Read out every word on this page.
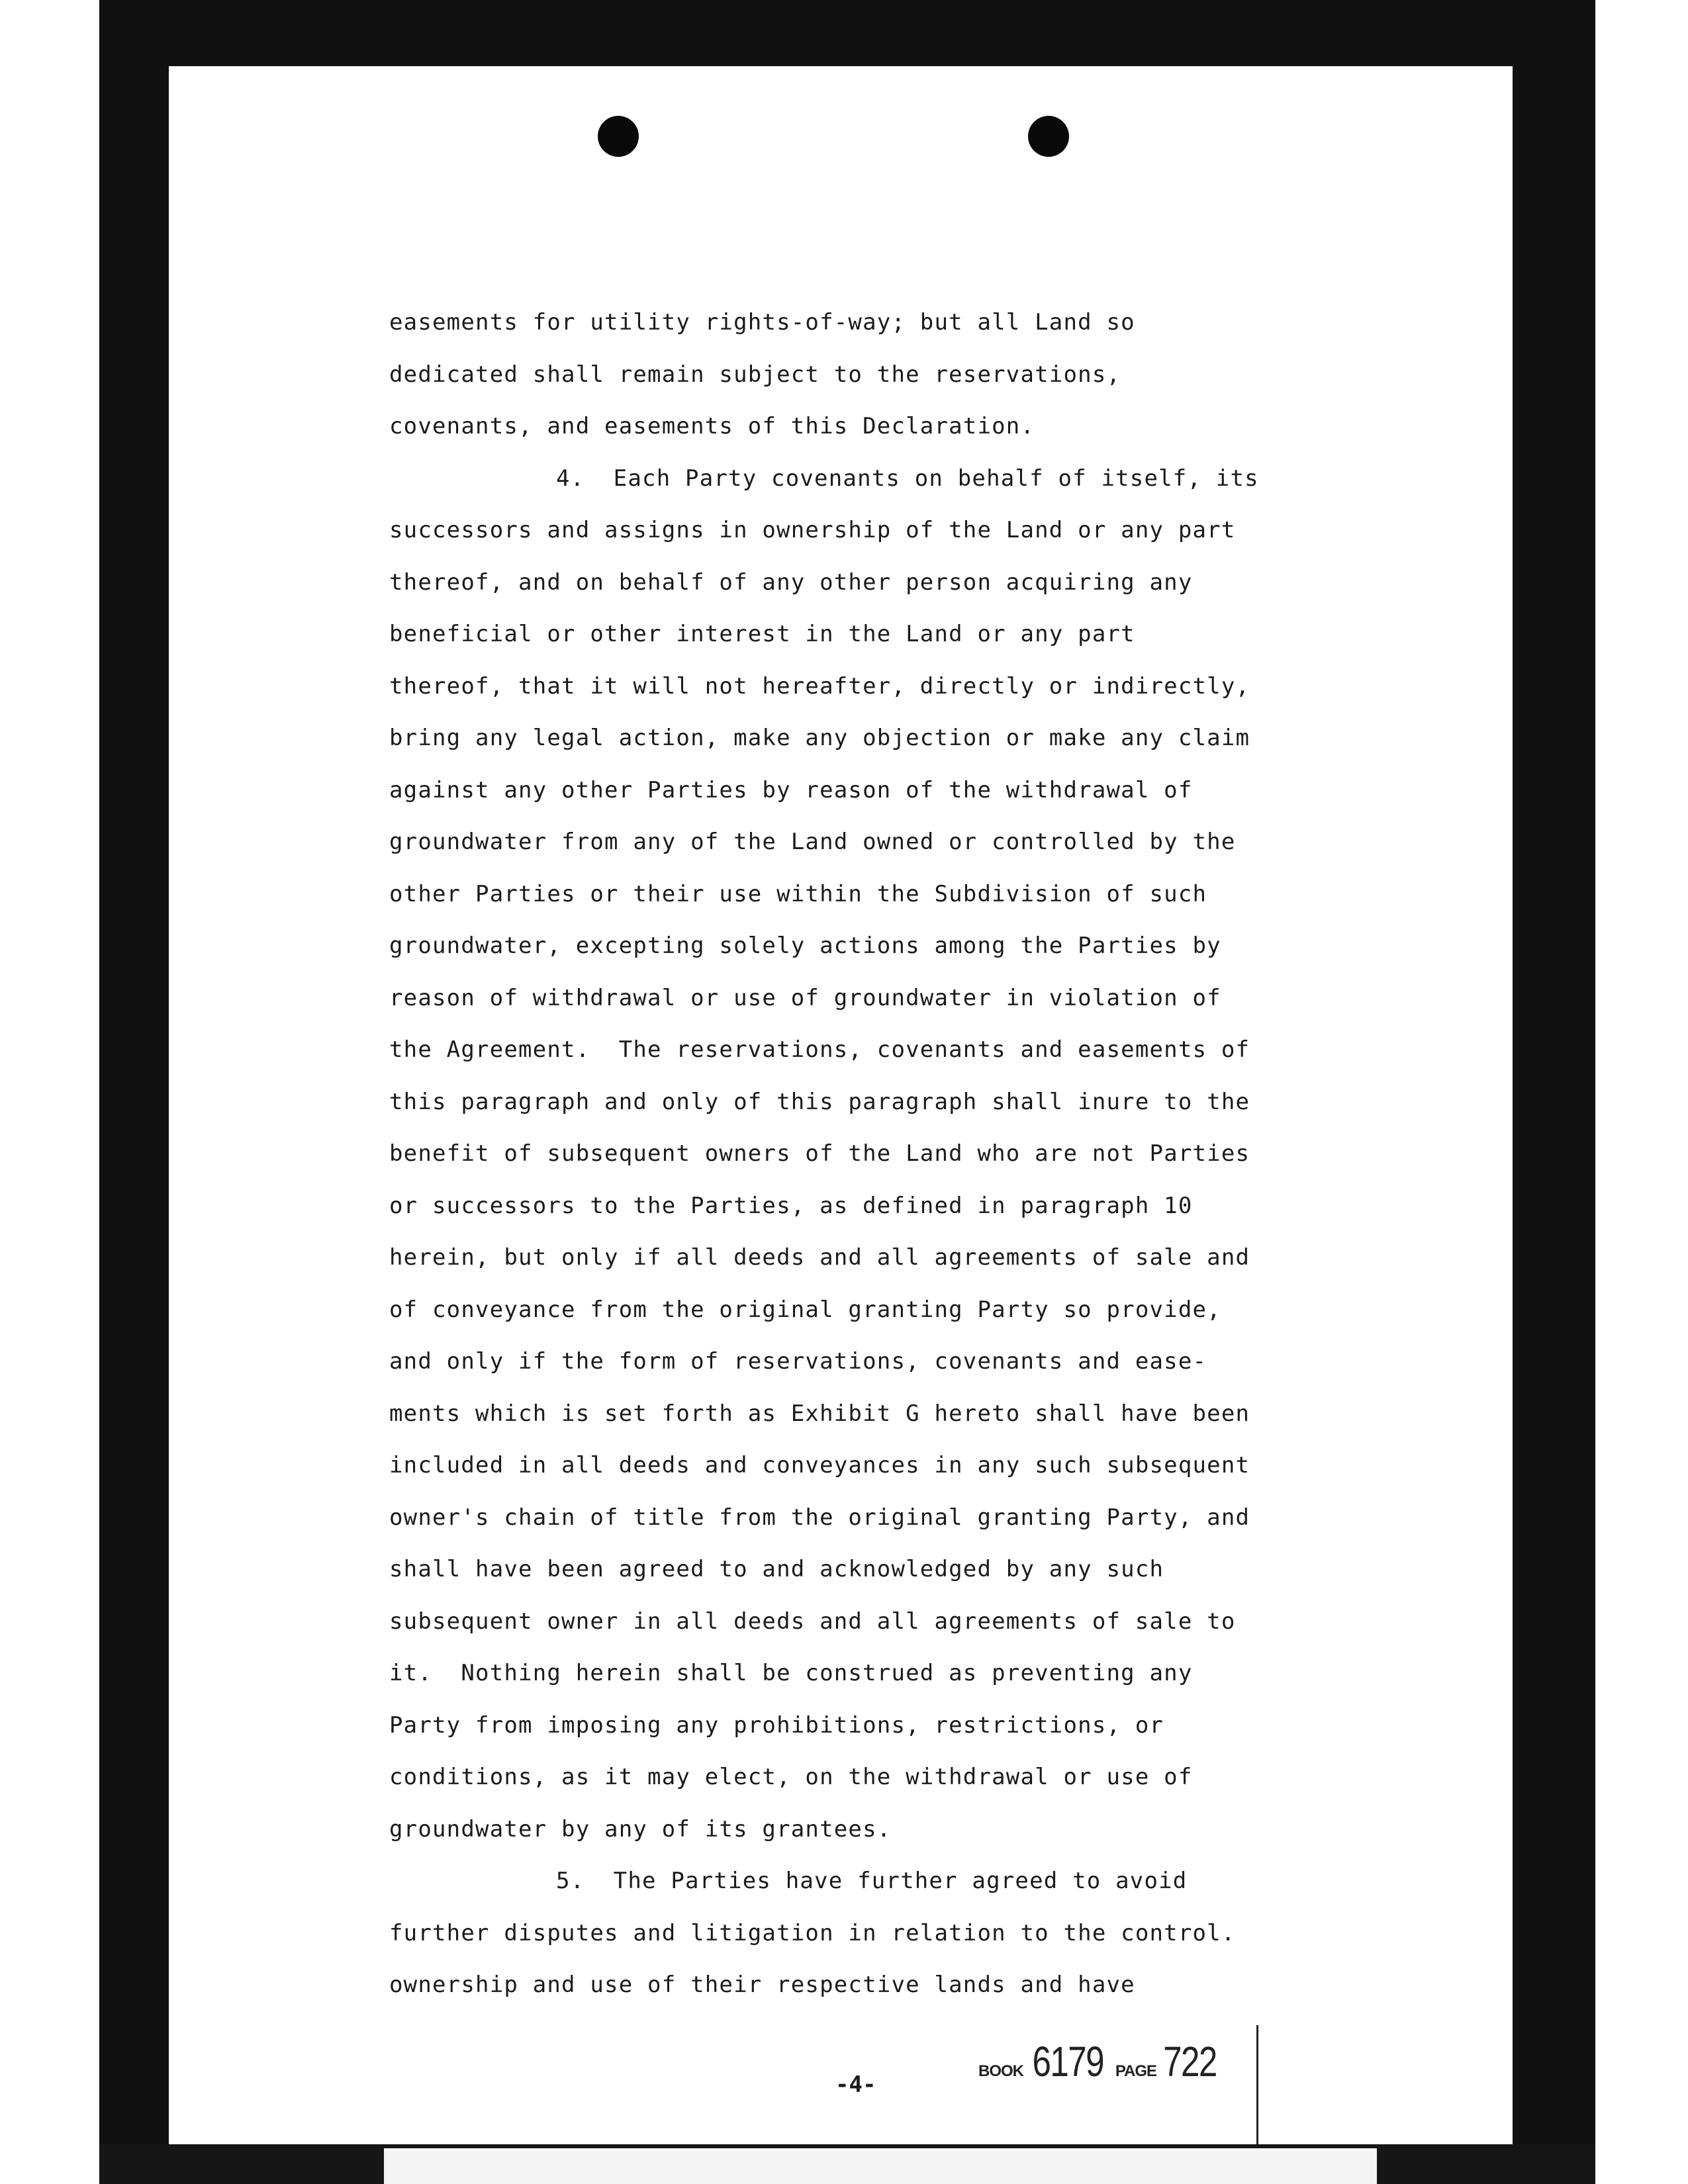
easements for utility rights-of-way; but all Land so
dedicated shall remain subject to the reservations,
covenants, and easements of this Declaration.
4.  Each Party covenants on behalf of itself, its
successors and assigns in ownership of the Land or any part
thereof, and on behalf of any other person acquiring any
beneficial or other interest in the Land or any part
thereof, that it will not hereafter, directly or indirectly,
bring any legal action, make any objection or make any claim
against any other Parties by reason of the withdrawal of
groundwater from any of the Land owned or controlled by the
other Parties or their use within the Subdivision of such
groundwater, excepting solely actions among the Parties by
reason of withdrawal or use of groundwater in violation of
the Agreement.  The reservations, covenants and easements of
this paragraph and only of this paragraph shall inure to the
benefit of subsequent owners of the Land who are not Parties
or successors to the Parties, as defined in paragraph 10
herein, but only if all deeds and all agreements of sale and
of conveyance from the original granting Party so provide,
and only if the form of reservations, covenants and ease-
ments which is set forth as Exhibit G hereto shall have been
included in all deeds and conveyances in any such subsequent
owner's chain of title from the original granting Party, and
shall have been agreed to and acknowledged by any such
subsequent owner in all deeds and all agreements of sale to
it.  Nothing herein shall be construed as preventing any
Party from imposing any prohibitions, restrictions, or
conditions, as it may elect, on the withdrawal or use of
groundwater by any of its grantees.
5.  The Parties have further agreed to avoid
further disputes and litigation in relation to the control.
ownership and use of their respective lands and have
BOOK 6179 PAGE 722
-4-
